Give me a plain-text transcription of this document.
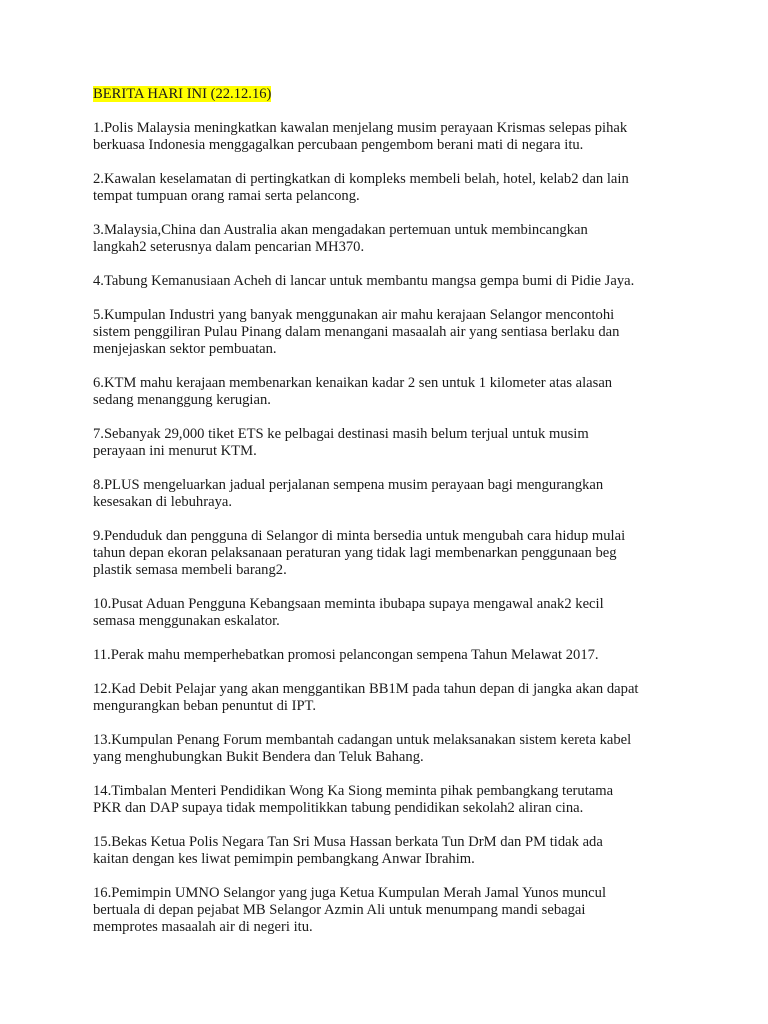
BERITA HARI INI (22.12.16)

1.Polis Malaysia meningkatkan kawalan menjelang musim perayaan Krismas selepas pihak
berkuasa Indonesia menggagalkan percubaan pengembom berani mati di negara itu.

2.Kawalan keselamatan di pertingkatkan di kompleks membeli belah, hotel, kelab2 dan lain
tempat tumpuan orang ramai serta pelancong.

3.Malaysia,China dan Australia akan mengadakan pertemuan untuk membincangkan
langkah2 seterusnya dalam pencarian MH370.

4.Tabung Kemanusiaan Acheh di lancar untuk membantu mangsa gempa bumi di Pidie Jaya.

5.Kumpulan Industri yang banyak menggunakan air mahu kerajaan Selangor mencontohi
sistem penggiliran Pulau Pinang dalam menangani masaalah air yang sentiasa berlaku dan
menjejaskan sektor pembuatan.

6.KTM mahu kerajaan membenarkan kenaikan kadar 2 sen untuk 1 kilometer atas alasan
sedang menanggung kerugian.

7.Sebanyak 29,000 tiket ETS ke pelbagai destinasi masih belum terjual untuk musim
perayaan ini menurut KTM.

8.PLUS mengeluarkan jadual perjalanan sempena musim perayaan bagi mengurangkan
kesesakan di lebuhraya.

9.Penduduk dan pengguna di Selangor di minta bersedia untuk mengubah cara hidup mulai
tahun depan ekoran pelaksanaan peraturan yang tidak lagi membenarkan penggunaan beg
plastik semasa membeli barang2.

10.Pusat Aduan Pengguna Kebangsaan meminta ibubapa supaya mengawal anak2 kecil
semasa menggunakan eskalator.

11.Perak mahu memperhebatkan promosi pelancongan sempena Tahun Melawat 2017.

12.Kad Debit Pelajar yang akan menggantikan BB1M pada tahun depan di jangka akan dapat
mengurangkan beban penuntut di IPT.

13.Kumpulan Penang Forum membantah cadangan untuk melaksanakan sistem kereta kabel
yang menghubungkan Bukit Bendera dan Teluk Bahang.

14.Timbalan Menteri Pendidikan Wong Ka Siong meminta pihak pembangkang terutama
PKR dan DAP supaya tidak mempolitikkan tabung pendidikan sekolah2 aliran cina.

15.Bekas Ketua Polis Negara Tan Sri Musa Hassan berkata Tun DrM dan PM tidak ada
kaitan dengan kes liwat pemimpin pembangkang Anwar Ibrahim.

16.Pemimpin UMNO Selangor yang juga Ketua Kumpulan Merah Jamal Yunos muncul
bertuala di depan pejabat MB Selangor Azmin Ali untuk menumpang mandi sebagai
memprotes masaalah air di negeri itu.
